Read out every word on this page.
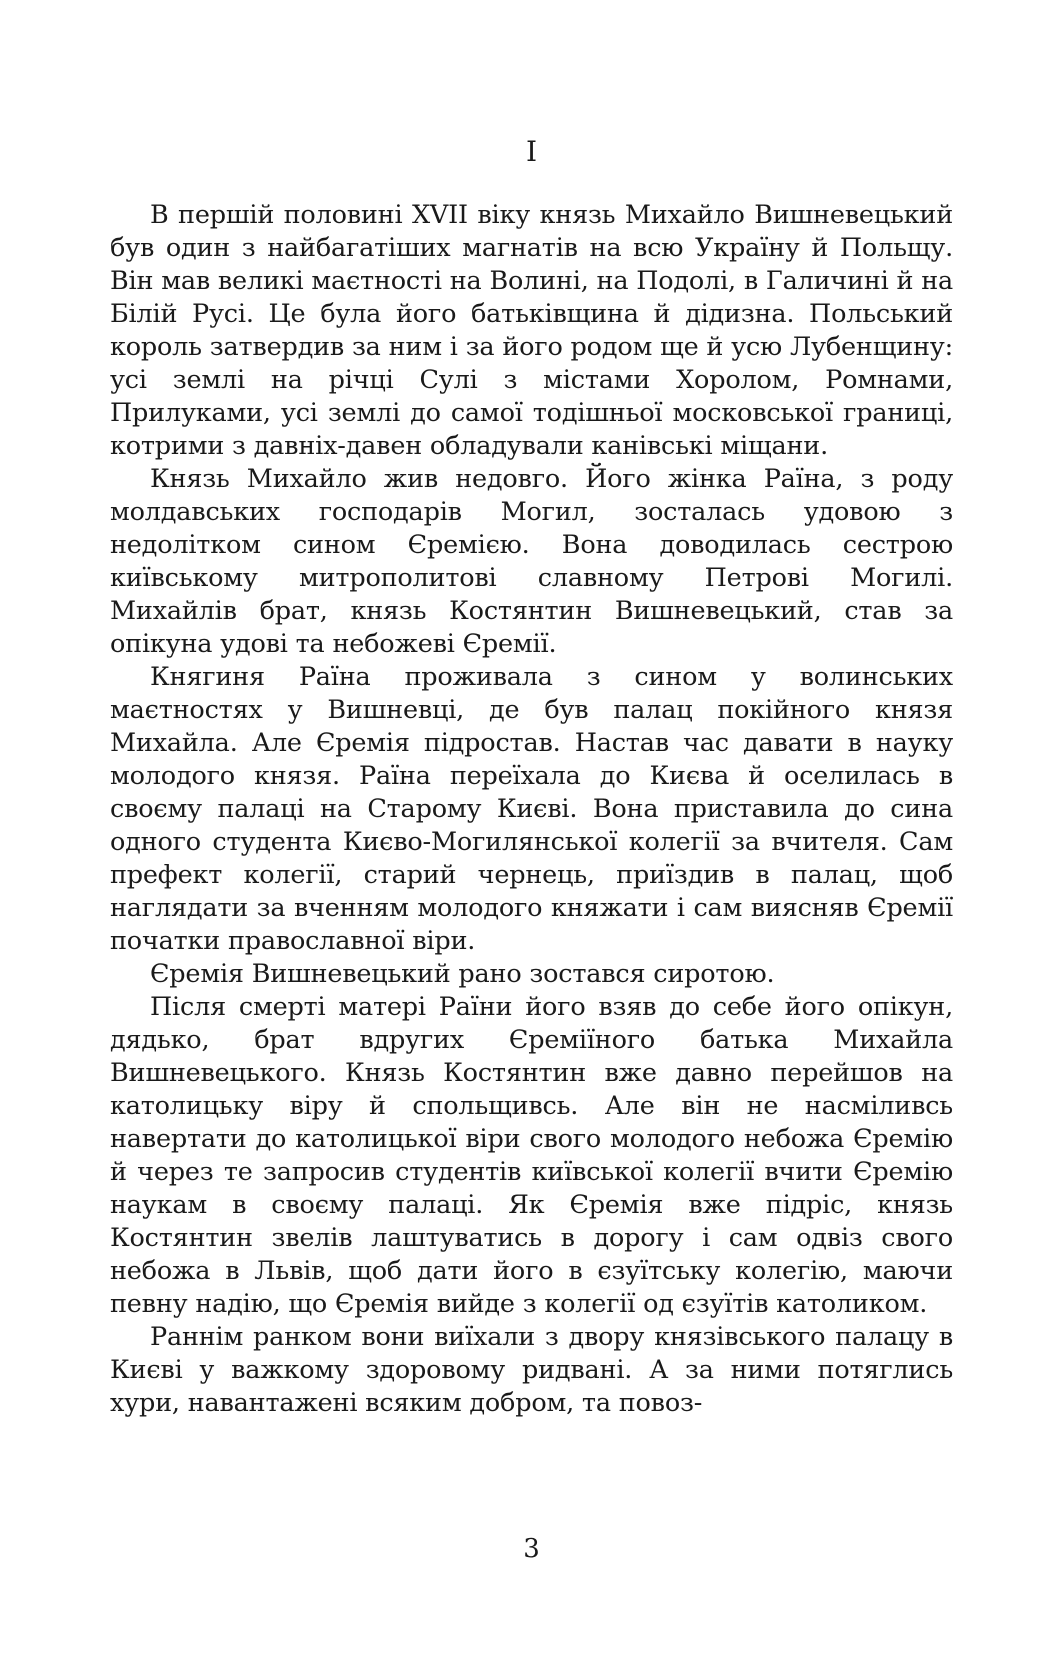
I

В першій половині XVII віку князь Михайло Вишневецький був один з найбагатіших магнатів на всю Україну й Польщу. Він мав великі маєтності на Волині, на Подолі, в Галичині й на Білій Русі. Це була його батьківщина й дідизна. Польський король затвердив за ним і за його родом ще й усю Лубенщину: усі землі на річці Сулі з містами Хоролом, Ромнами, Прилуками, усі землі до самої тодішньої московської границі, котрими з давніх-давен обладували канівські міщани.

Князь Михайло жив недовго. Його жінка Раїна, з роду молдавських господарів Могил, зосталась удовою з недолітком сином Єремією. Вона доводилась сестрою київському митрополитові славному Петрові Могилі. Михайлів брат, князь Костянтин Вишневецький, став за опікуна удові та небожеві Єремії.

Княгиня Раїна проживала з сином у волинських маєтностях у Вишневці, де був палац покійного князя Михайла. Але Єремія підростав. Настав час давати в науку молодого князя. Раїна переїхала до Києва й оселилась в своєму палаці на Старому Києві. Вона приставила до сина одного студента Києво-Могилянської колегії за вчителя. Сам префект колегії, старий чернець, приїздив в палац, щоб наглядати за вченням молодого княжати і сам виясняв Єремії початки православної віри.

Єремія Вишневецький рано зостався сиротою.

Після смерті матері Раїни його взяв до себе його опікун, дядько, брат вдругих Єреміїного батька Михайла Вишневецького. Князь Костянтин вже давно перейшов на католицьку віру й спольщивсь. Але він не насміливсь навертати до католицької віри свого молодого небожа Єремію й через те запросив студентів київської колегії вчити Єремію наукам в своєму палаці. Як Єремія вже підріс, князь Костянтин звелів лаштуватись в дорогу і сам одвіз свого небожа в Львів, щоб дати його в єзуїтську колегію, маючи певну надію, що Єремія вийде з колегії од єзуїтів католиком.

Раннім ранком вони виїхали з двору князівського палацу в Києві у важкому здоровому ридвані. А за ними потяглись хури, навантажені всяким добром, та повоз-

3
